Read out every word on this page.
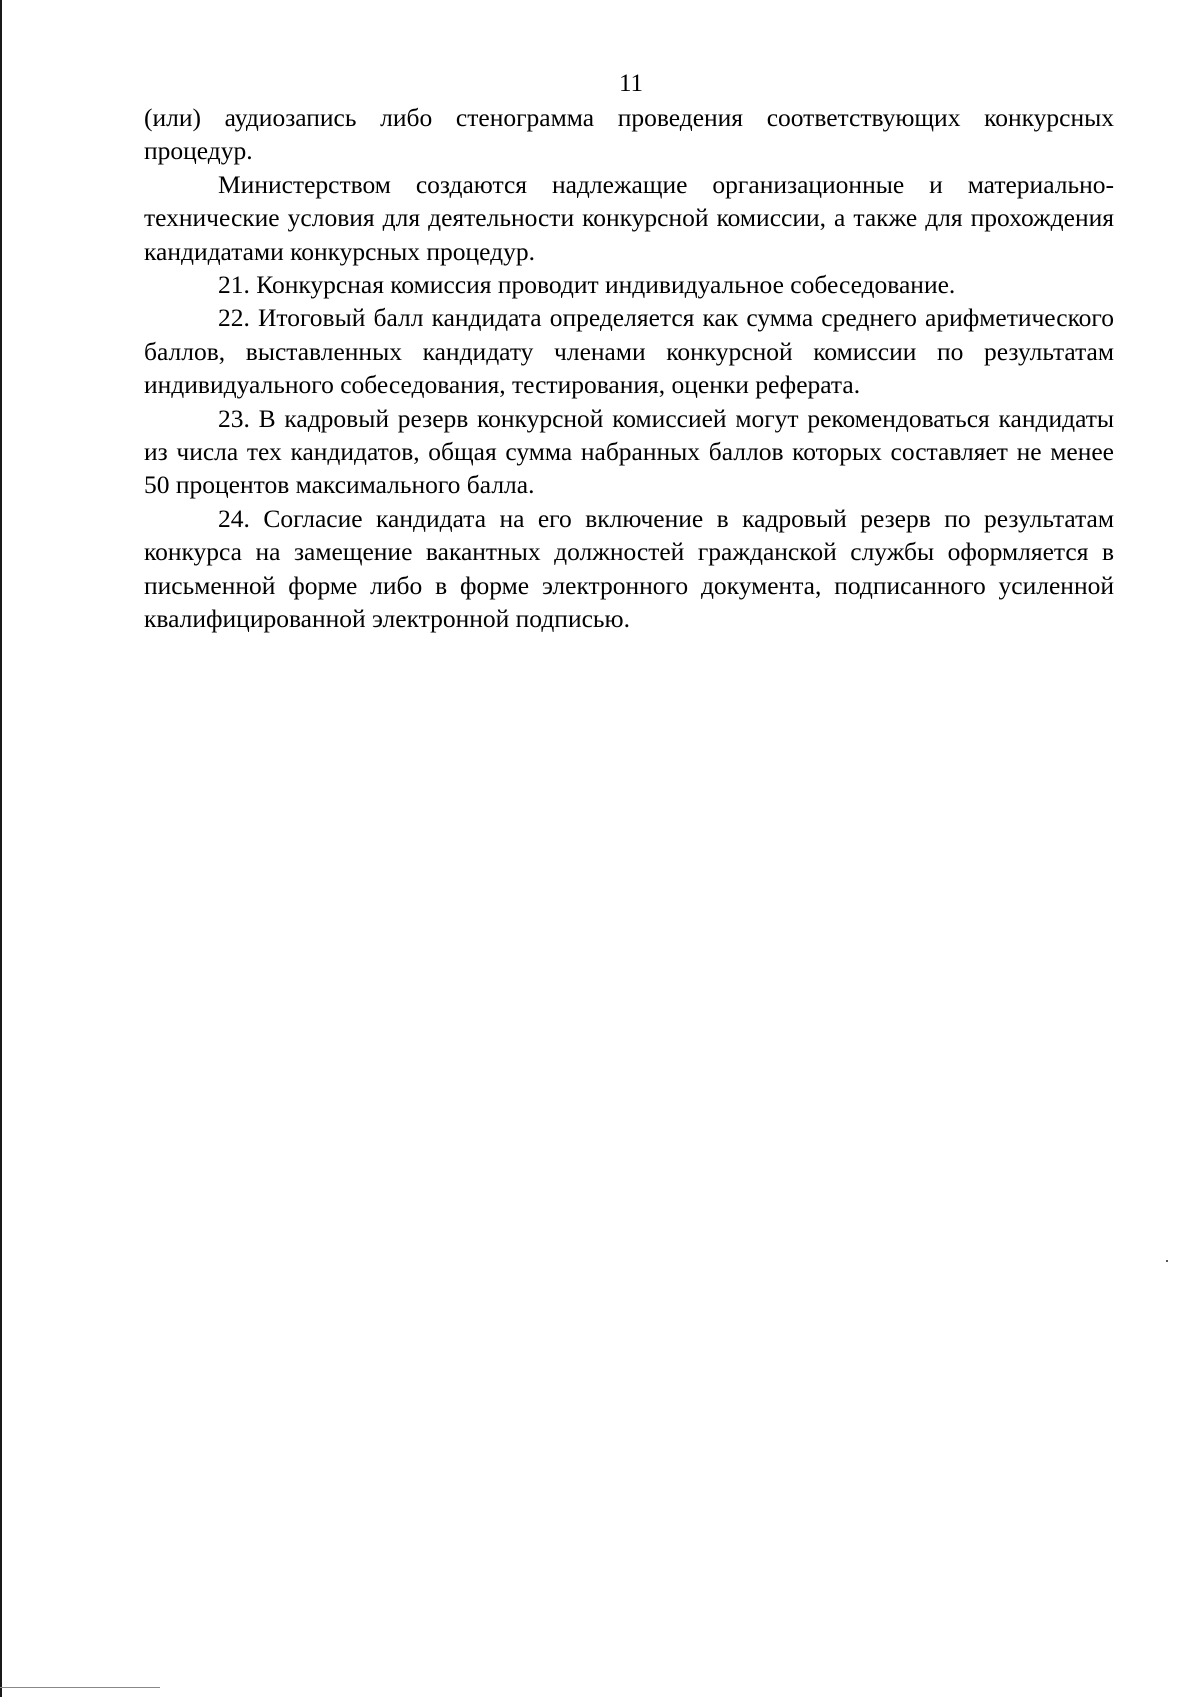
11

(или) аудиозапись либо стенограмма проведения соответствующих конкурсных процедур.

Министерством создаются надлежащие организационные и материально-технические условия для деятельности конкурсной комиссии, а также для прохождения кандидатами конкурсных процедур.

21. Конкурсная комиссия проводит индивидуальное собеседование.

22. Итоговый балл кандидата определяется как сумма среднего арифметического баллов, выставленных кандидату членами конкурсной комиссии по результатам индивидуального собеседования, тестирования, оценки реферата.

23. В кадровый резерв конкурсной комиссией могут рекомендоваться кандидаты из числа тех кандидатов, общая сумма набранных баллов которых составляет не менее 50 процентов максимального балла.

24. Согласие кандидата на его включение в кадровый резерв по результатам конкурса на замещение вакантных должностей гражданской службы оформляется в письменной форме либо в форме электронного документа, подписанного усиленной квалифицированной электронной подписью.
